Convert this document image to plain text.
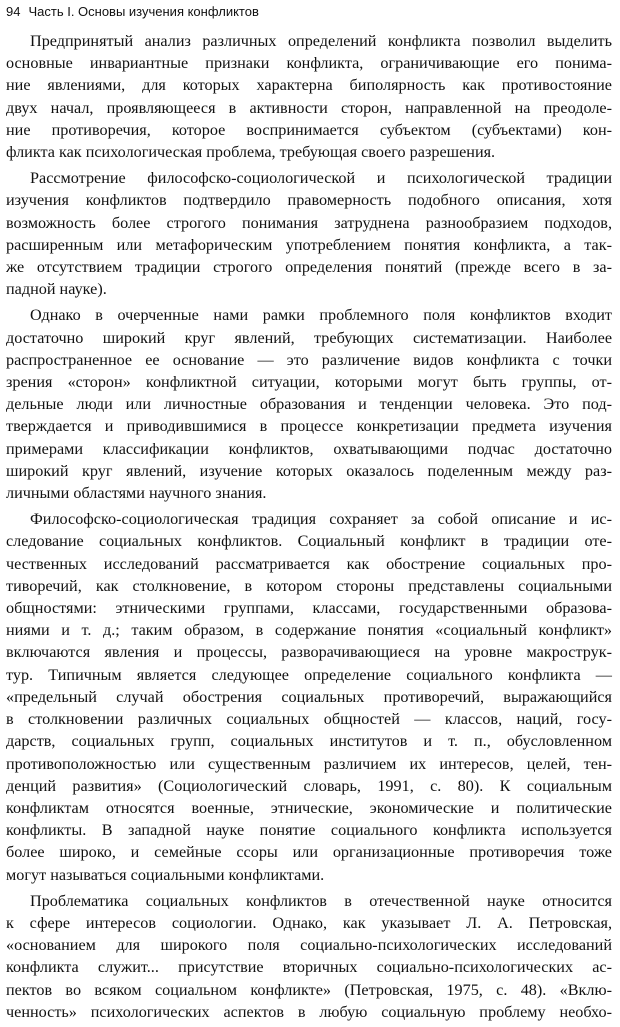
94 Часть I. Основы изучения конфликтов

Предпринятый анализ различных определений конфликта позволил выделить
основные инвариантные признаки конфликта, ограничивающие его понима-
ние явлениями, для которых характерна биполярность как противостояние
двух начал, проявляющееся в активности сторон, направленной на преодоле-
ние противоречия, которое воспринимается субъектом (субъектами) кон-
фликта как психологическая проблема, требующая своего разрешения.

Рассмотрение философско-социологической и психологической традиции
изучения конфликтов подтвердило правомерность подобного описания, хотя
возможность более строгого понимания затруднена разнообразием подходов,
расширенным или метафорическим употреблением понятия конфликта, а так-
же отсутствием традиции строгого определения понятий (прежде всего в за-
падной науке).

Однако в очерченные нами рамки проблемного поля конфликтов входит
достаточно широкий круг явлений, требующих систематизации. Наиболее
распространенное ее основание — это различение видов конфликта с точки
зрения «сторон» конфликтной ситуации, которыми могут быть группы, от-
дельные люди или личностные образования и тенденции человека. Это под-
тверждается и приводившимися в процессе конкретизации предмета изучения
примерами классификации конфликтов, охватывающими подчас достаточно
широкий круг явлений, изучение которых оказалось поделенным между раз-
личными областями научного знания.

Философско-социологическая традиция сохраняет за собой описание и ис-
следование социальных конфликтов. Социальный конфликт в традиции оте-
чественных исследований рассматривается как обострение социальных про-
тиворечий, как столкновение, в котором стороны представлены социальными
общностями: этническими группами, классами, государственными образова-
ниями и т. д.; таким образом, в содержание понятия «социальный конфликт»
включаются явления и процессы, разворачивающиеся на уровне макрострук-
тур. Типичным является следующее определение социального конфликта —
«предельный случай обострения социальных противоречий, выражающийся
в столкновении различных социальных общностей — классов, наций, госу-
дарств, социальных групп, социальных институтов и т. п., обусловленном
противоположностью или существенным различием их интересов, целей, тен-
денций развития» (Социологический словарь, 1991, с. 80). К социальным
конфликтам относятся военные, этнические, экономические и политические
конфликты. В западной науке понятие социального конфликта используется
более широко, и семейные ссоры или организационные противоречия тоже
могут называться социальными конфликтами.

Проблематика социальных конфликтов в отечественной науке относится
к сфере интересов социологии. Однако, как указывает Л. А. Петровская,
«основанием для широкого поля социально-психологических исследований
конфликта служит... присутствие вторичных социально-психологических ас-
пектов во всяком социальном конфликте» (Петровская, 1975, с. 48). «Вклю-
ченность» психологических аспектов в любую социальную проблему необхо-
